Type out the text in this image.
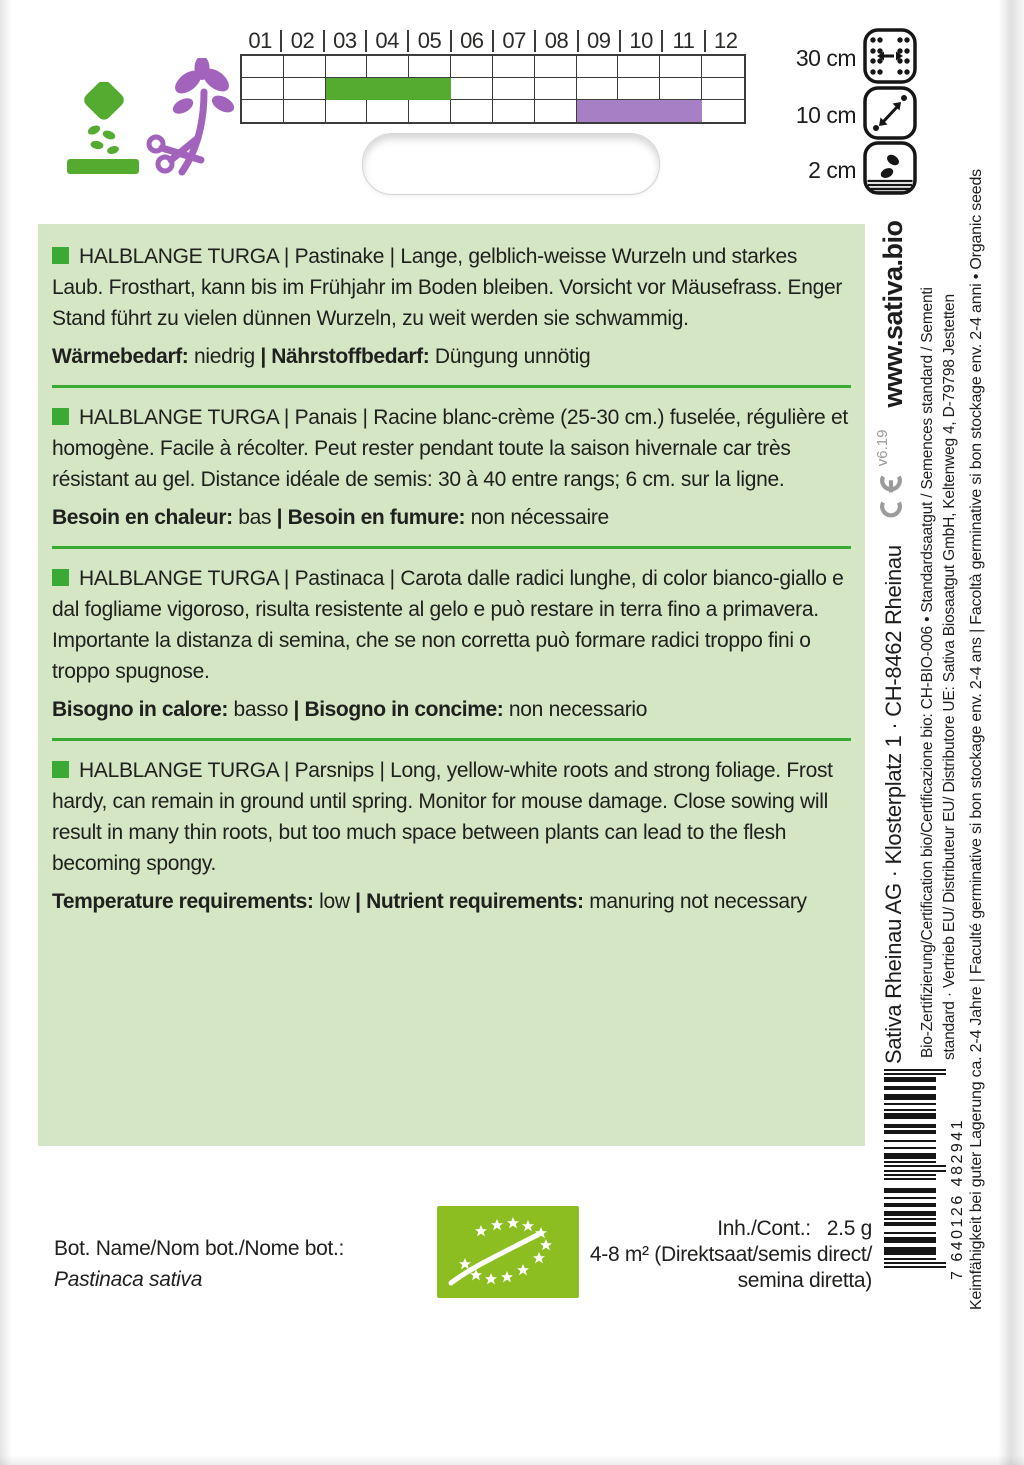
01 02 03 04 05 06 07 08 09 10 11 12
30 cm
10 cm
2 cm

HALBLANGE TURGA | Pastinake | Lange, gelblich-weisse Wurzeln und starkes Laub. Frosthart, kann bis im Frühjahr im Boden bleiben. Vorsicht vor Mäusefrass. Enger Stand führt zu vielen dünnen Wurzeln, zu weit werden sie schwammig.

Wärmebedarf: niedrig | Nährstoffbedarf: Düngung unnötig

HALBLANGE TURGA | Panais | Racine blanc-crème (25-30 cm.) fuselée, régulière et homogène. Facile à récolter. Peut rester pendant toute la saison hivernale car très résistant au gel. Distance idéale de semis: 30 à 40 entre rangs; 6 cm. sur la ligne.

Besoin en chaleur: bas | Besoin en fumure: non nécessaire

HALBLANGE TURGA | Pastinaca | Carota dalle radici lunghe, di color bianco-giallo e dal fogliame vigoroso, risulta resistente al gelo e può restare in terra fino a primavera. Importante la distanza di semina, che se non corretta può formare radici troppo fini o troppo spugnose.

Bisogno in calore: basso | Bisogno in concime: non necessario

HALBLANGE TURGA | Parsnips | Long, yellow-white roots and strong foliage. Frost hardy, can remain in ground until spring. Monitor for mouse damage. Close sowing will result in many thin roots, but too much space between plants can lead to the flesh becoming spongy.

Temperature requirements: low | Nutrient requirements: manuring not necessary	Sativa Rheinau AG · Klosterplatz 1 · CH-8462 Rheinau
v6.19
www.sativa.bio Bio-Zertifizierung/Certification bio/Certificazione bio: CH-BIO-006 • Standardsaatgut / Semences standard / Sementi standard · Vertrieb EU/ Distributeur EU/ Distributore UE: Sativa Biosaatgut GmbH, Keltenweg 4, D-79798 Jestetten Keimfähigkeit bei guter Lagerung ca. 2-4 Jahre | Faculté germinative si bon stockage env. 2-4 ans | Facoltà germinative si bon stockage env. 2-4 anni • Organic seeds
7 640126 482941
Bot. Name/Nom bot./Nome bot.:
Pastinaca sativa
Inh./Cont.: 2.5 g
4-8 m² (Direktsaat/semis direct/
semina diretta)
